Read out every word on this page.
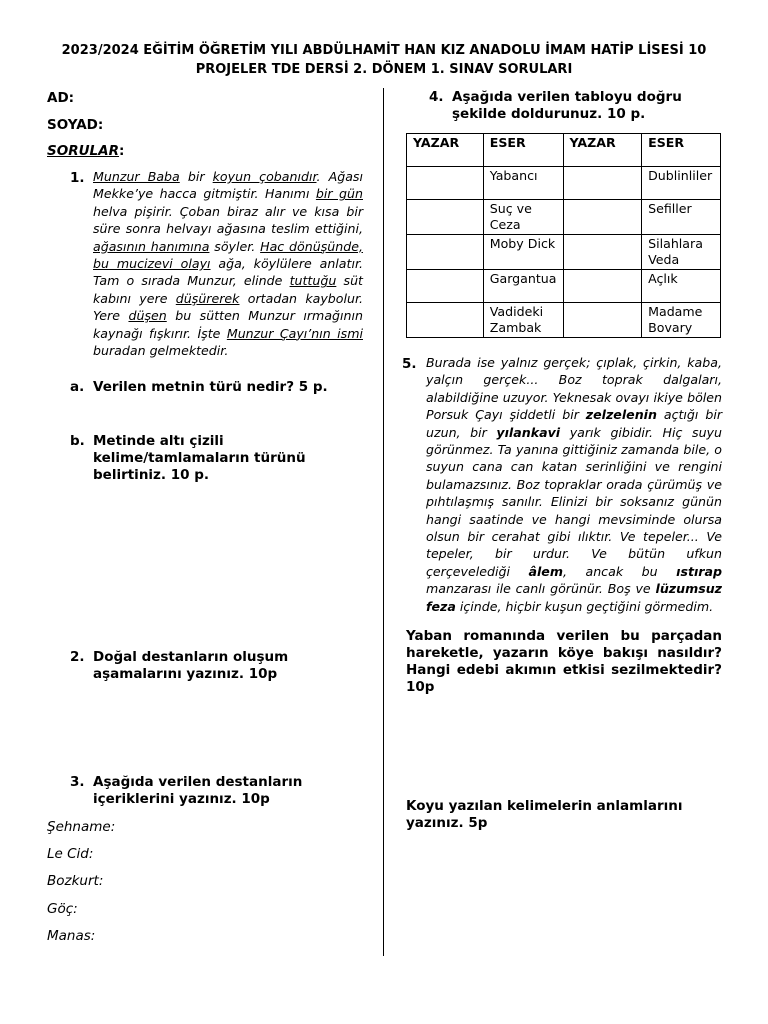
2023/2024 EĞİTİM ÖĞRETİM YILI ABDÜLHAMİT HAN KIZ ANADOLU İMAM HATİP LİSESİ 10
PROJELER TDE DERSİ 2. DÖNEM 1. SINAV SORULARI
AD:
SOYAD:
SORULAR:
1. Munzur Baba bir koyun çobanıdır. Ağası Mekke’ye hacca gitmiştir. Hanımı bir gün helva pişirir. Çoban biraz alır ve kısa bir süre sonra helvayı ağasına teslim ettiğini, ağasının hanımına söyler. Hac dönüşünde, bu mucizevi olayı ağa, köylülere anlatır. Tam o sırada Munzur, elinde tuttuğu süt kabını yere düşürerek ortadan kaybolur. Yere düşen bu sütten Munzur ırmağının kaynağı fışkırır. İşte Munzur Çayı’nın ismi buradan gelmektedir.
a. Verilen metnin türü nedir? 5 p.
b. Metinde altı çizili kelime/tamlamaların türünü belirtiniz. 10 p.
2. Doğal destanların oluşum aşamalarını yazınız. 10p
3. Aşağıda verilen destanların içeriklerini yazınız. 10p
Şehname:
Le Cid:
Bozkurt:
Göç:
Manas:
4. Aşağıda verilen tabloyu doğru şekilde doldurunuz. 10 p.
YAZAR	ESER	YAZAR	ESER
	Yabancı		Dublinliler
	Suç ve Ceza		Sefiller
	Moby Dick		Silahlara Veda
	Gargantua		Açlık
	Vadideki Zambak		Madame Bovary
5. Burada ise yalnız gerçek; çıplak, çirkin, kaba, yalçın gerçek... Boz toprak dalgaları, alabildiğine uzuyor. Yeknesak ovayı ikiye bölen Porsuk Çayı şiddetli bir zelzelenin açtığı bir uzun, bir yılankavi yarık gibidir. Hiç suyu görünmez. Ta yanına gittiğiniz zamanda bile, o suyun cana can katan serinliğini ve rengini bulamazsınız. Boz topraklar orada çürümüş ve pıhtılaşmış sanılır. Elinizi bir soksanız günün hangi saatinde ve hangi mevsiminde olursa olsun bir cerahat gibi ılıktır. Ve tepeler... Ve tepeler, bir urdur. Ve bütün ufkun çerçevelediği âlem, ancak bu ıstırap manzarası ile canlı görünür. Boş ve lüzumsuz feza içinde, hiçbir kuşun geçtiğini görmedim.
Yaban romanında verilen bu parçadan hareketle, yazarın köye bakışı nasıldır? Hangi edebi akımın etkisi sezilmektedir? 10p
Koyu yazılan kelimelerin anlamlarını yazınız. 5p
